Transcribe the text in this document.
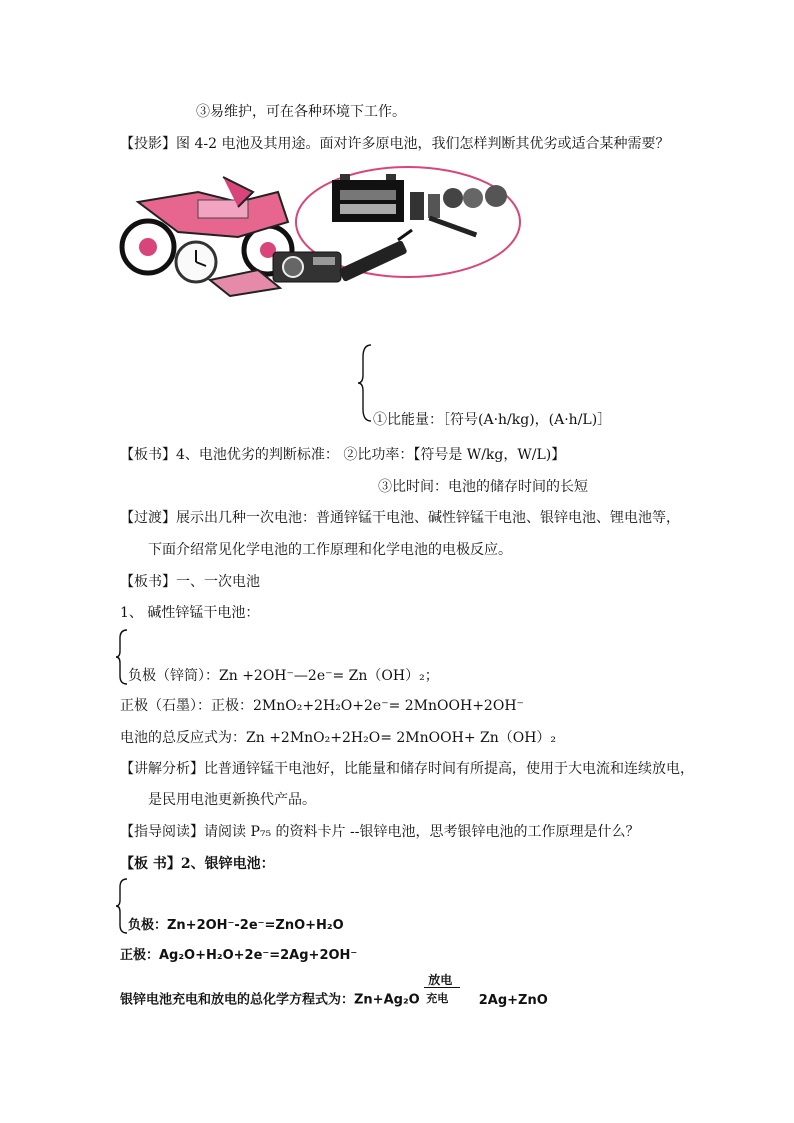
③易维护，可在各种环境下工作。
【投影】图 4-2 电池及其用途。面对许多原电池，我们怎样判断其优劣或适合某种需要？
①比能量：［符号(A·h/kg)，(A·h/L)］
【板书】4、电池优劣的判断标准： ②比功率：【符号是 W/kg，W/L)】
③比时间：电池的储存时间的长短
【过渡】展示出几种一次电池：普通锌锰干电池、碱性锌锰干电池、银锌电池、锂电池等，
下面介绍常见化学电池的工作原理和化学电池的电极反应。
【板书】一、一次电池
1、 碱性锌锰干电池：
负极（锌筒）：Zn +2OH⁻—2e⁻= Zn（OH）₂；
正极（石墨）：正极：2MnO₂+2H₂O+2e⁻= 2MnOOH+2OH⁻
电池的总反应式为：Zn +2MnO₂+2H₂O= 2MnOOH+ Zn（OH）₂
【讲解分析】比普通锌锰干电池好，比能量和储存时间有所提高，使用于大电流和连续放电，
是民用电池更新换代产品。
【指导阅读】请阅读 P₇₅ 的资料卡片 --银锌电池，思考银锌电池的工作原理是什么？
【板 书】2、银锌电池：
负极：Zn+2OH⁻-2e⁻=ZnO+H₂O
正极：Ag₂O+H₂O+2e⁻=2Ag+2OH⁻
银锌电池充电和放电的总化学方程式为：Zn+Ag₂O
放电
充电 2Ag+ZnO
